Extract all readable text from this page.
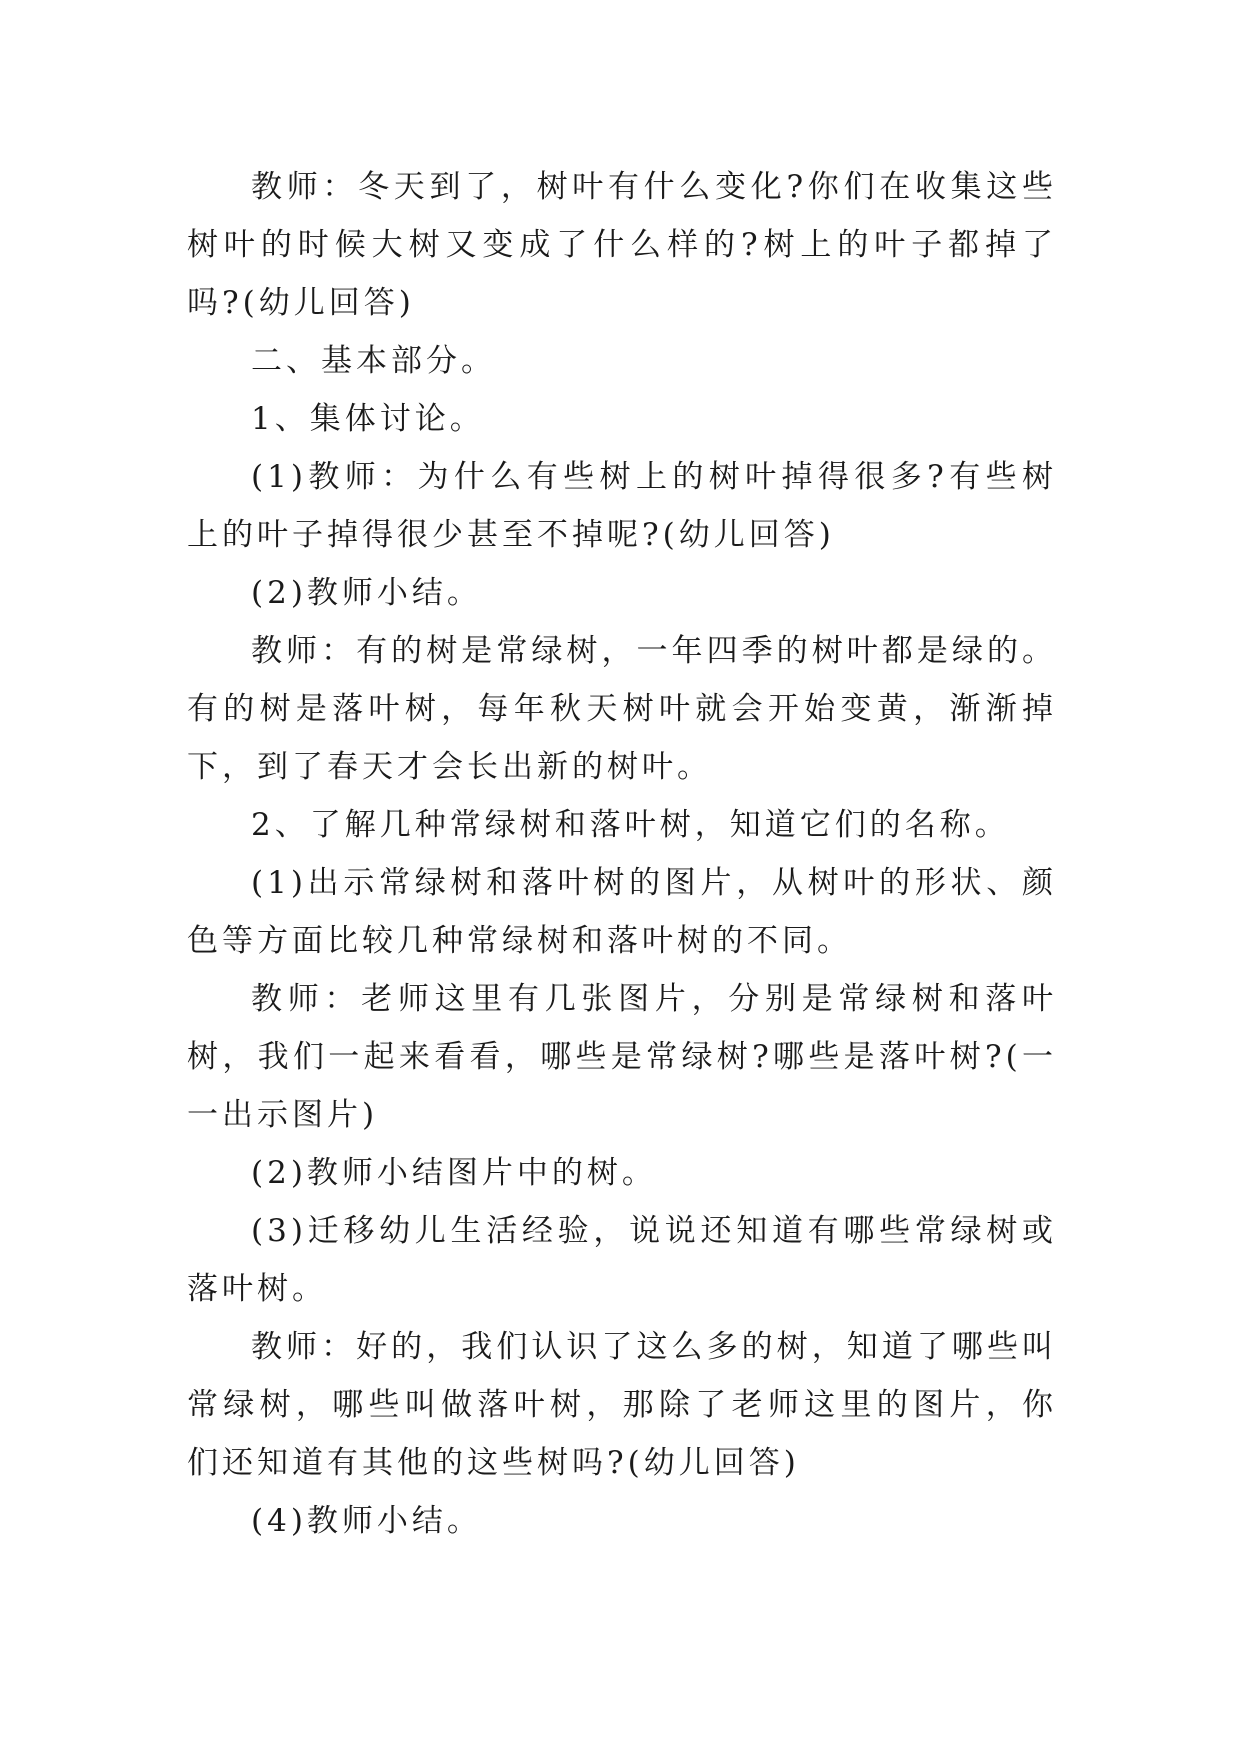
教师：冬天到了，树叶有什么变化?你们在收集这些树叶的时候大树又变成了什么样的?树上的叶子都掉了吗?(幼儿回答)

二、基本部分。

1、集体讨论。

(1)教师：为什么有些树上的树叶掉得很多?有些树上的叶子掉得很少甚至不掉呢?(幼儿回答)

(2)教师小结。

教师：有的树是常绿树，一年四季的树叶都是绿的。有的树是落叶树，每年秋天树叶就会开始变黄，渐渐掉下，到了春天才会长出新的树叶。

2、了解几种常绿树和落叶树，知道它们的名称。

(1)出示常绿树和落叶树的图片，从树叶的形状、颜色等方面比较几种常绿树和落叶树的不同。

教师：老师这里有几张图片，分别是常绿树和落叶树，我们一起来看看，哪些是常绿树?哪些是落叶树?(一一出示图片)

(2)教师小结图片中的树。

(3)迁移幼儿生活经验，说说还知道有哪些常绿树或落叶树。

教师：好的，我们认识了这么多的树，知道了哪些叫常绿树，哪些叫做落叶树，那除了老师这里的图片，你们还知道有其他的这些树吗?(幼儿回答)

(4)教师小结。
